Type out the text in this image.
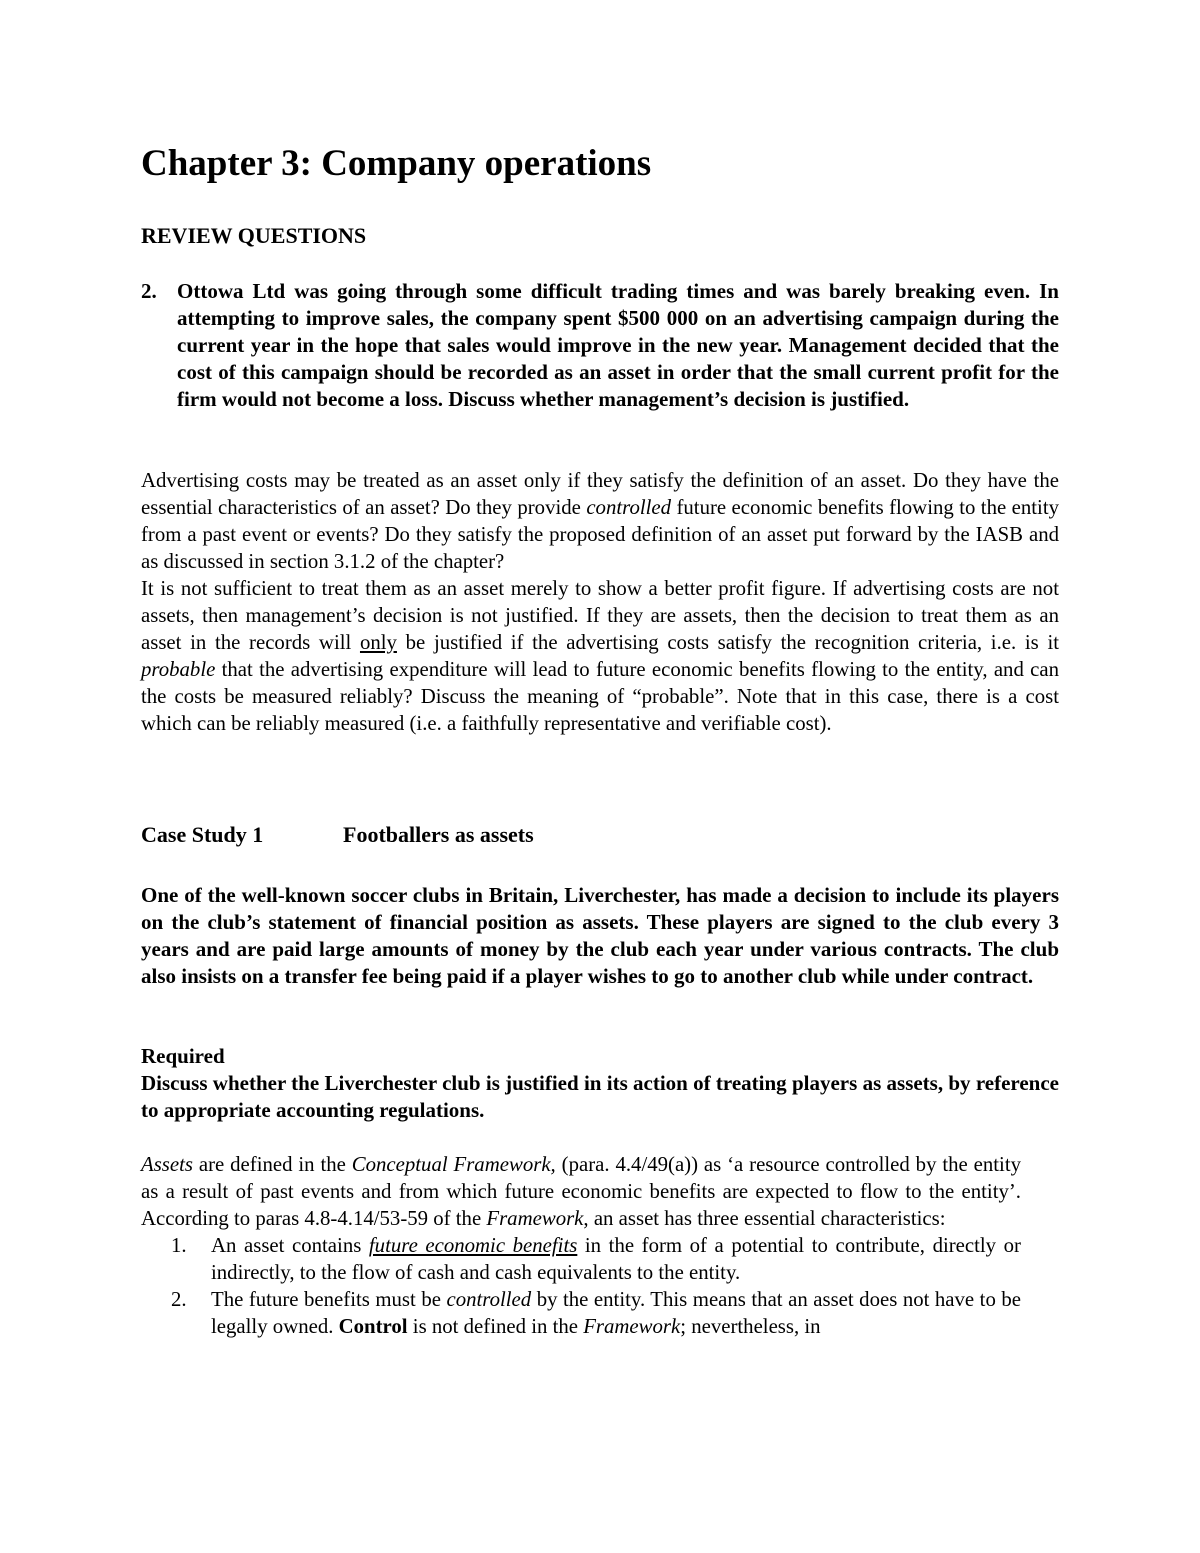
Chapter 3: Company operations
REVIEW QUESTIONS
2. Ottowa Ltd was going through some difficult trading times and was barely breaking even. In attempting to improve sales, the company spent $500 000 on an advertising campaign during the current year in the hope that sales would improve in the new year. Management decided that the cost of this campaign should be recorded as an asset in order that the small current profit for the firm would not become a loss. Discuss whether management’s decision is justified.

Advertising costs may be treated as an asset only if they satisfy the definition of an asset. Do they have the essential characteristics of an asset? Do they provide controlled future economic benefits flowing to the entity from a past event or events? Do they satisfy the proposed definition of an asset put forward by the IASB and as discussed in section 3.1.2 of the chapter?

It is not sufficient to treat them as an asset merely to show a better profit figure. If advertising costs are not assets, then management’s decision is not justified. If they are assets, then the decision to treat them as an asset in the records will only be justified if the advertising costs satisfy the recognition criteria, i.e. is it probable that the advertising expenditure will lead to future economic benefits flowing to the entity, and can the costs be measured reliably? Discuss the meaning of “probable”. Note that in this case, there is a cost which can be reliably measured (i.e. a faithfully representative and verifiable cost).

Case Study 1	Footballers as assets

One of the well-known soccer clubs in Britain, Liverchester, has made a decision to include its players on the club’s statement of financial position as assets. These players are signed to the club every 3 years and are paid large amounts of money by the club each year under various contracts. The club also insists on a transfer fee being paid if a player wishes to go to another club while under contract.

Required

Discuss whether the Liverchester club is justified in its action of treating players as assets, by reference to appropriate accounting regulations.

Assets are defined in the Conceptual Framework, (para. 4.4/49(a)) as ‘a resource controlled by the entity as a result of past events and from which future economic benefits are expected to flow to the entity’. According to paras 4.8-4.14/53-59 of the Framework, an asset has three essential characteristics:

1. An asset contains future economic benefits in the form of a potential to contribute, directly or indirectly, to the flow of cash and cash equivalents to the entity.
2. The future benefits must be controlled by the entity. This means that an asset does not have to be legally owned. Control is not defined in the Framework; nevertheless, in
